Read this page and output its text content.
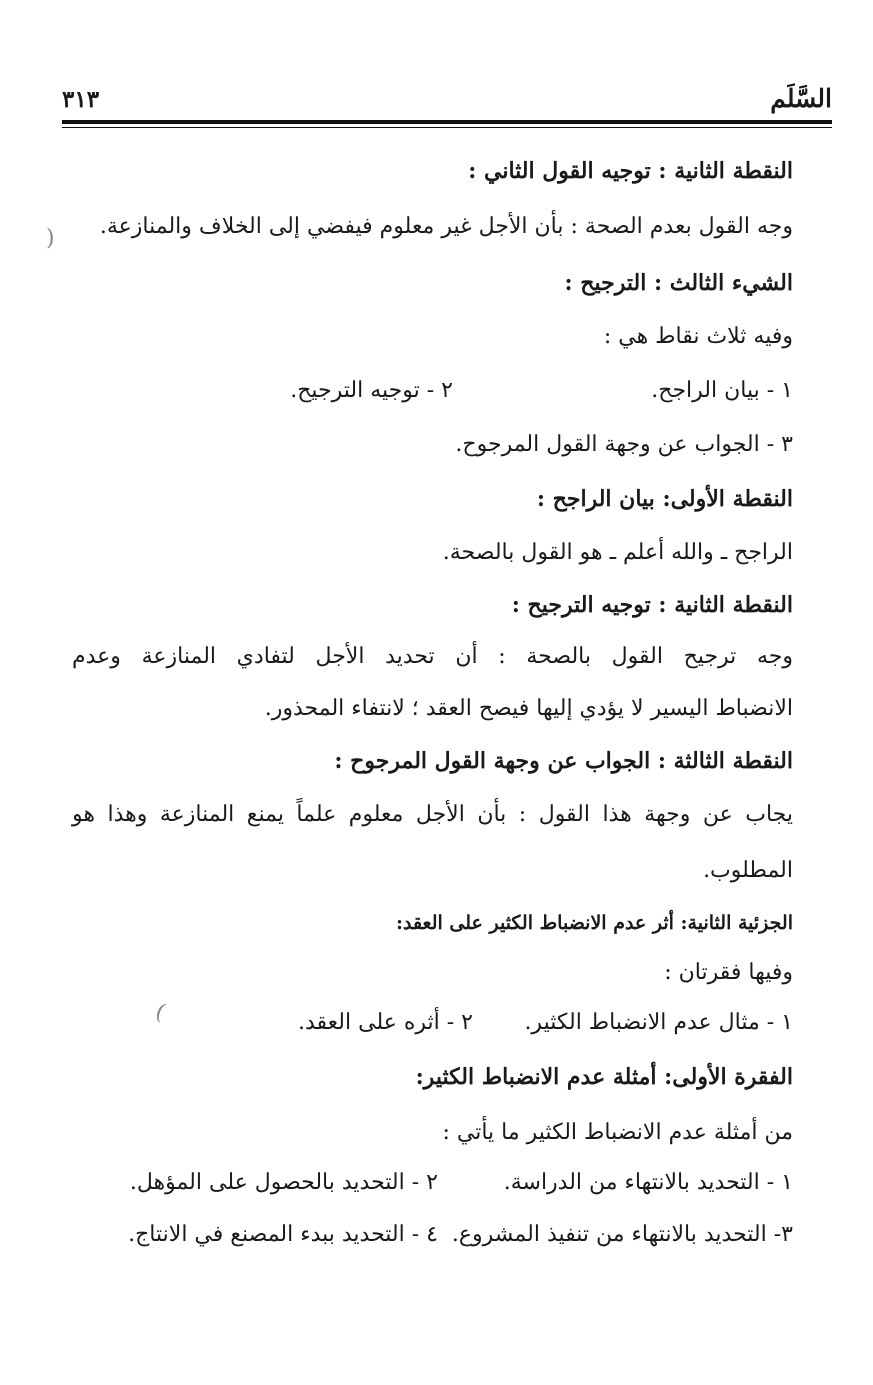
السَّلَم
٣١٣
النقطة الثانية : توجيه القول الثاني :
وجه القول بعدم الصحة : بأن الأجل غير معلوم فيفضي إلى الخلاف والمنازعة.
الشيء الثالث : الترجيح :
وفيه ثلاث نقاط هي :
١ - بيان الراجح.
٢ - توجيه الترجيح.
٣ - الجواب عن وجهة القول المرجوح.
النقطة الأولى: بيان الراجح :
الراجح ـ والله أعلم ـ هو القول بالصحة.
النقطة الثانية : توجيه الترجيح :
وجه ترجيح القول بالصحة : أن تحديد الأجل لتفادي المنازعة وعدم
الانضباط اليسير لا يؤدي إليها فيصح العقد ؛ لانتفاء المحذور.
النقطة الثالثة : الجواب عن وجهة القول المرجوح :
يجاب عن وجهة هذا القول : بأن الأجل معلوم علماً يمنع المنازعة وهذا هو
المطلوب.
الجزئية الثانية: أثر عدم الانضباط الكثير على العقد:
وفيها فقرتان :
١ - مثال عدم الانضباط الكثير.
٢ - أثره على العقد.
الفقرة الأولى: أمثلة عدم الانضباط الكثير:
من أمثلة عدم الانضباط الكثير ما يأتي :
١ - التحديد بالانتهاء من الدراسة.
٢ - التحديد بالحصول على المؤهل.
٣- التحديد بالانتهاء من تنفيذ المشروع.
٤ - التحديد ببدء المصنع في الانتاج.
(
)
